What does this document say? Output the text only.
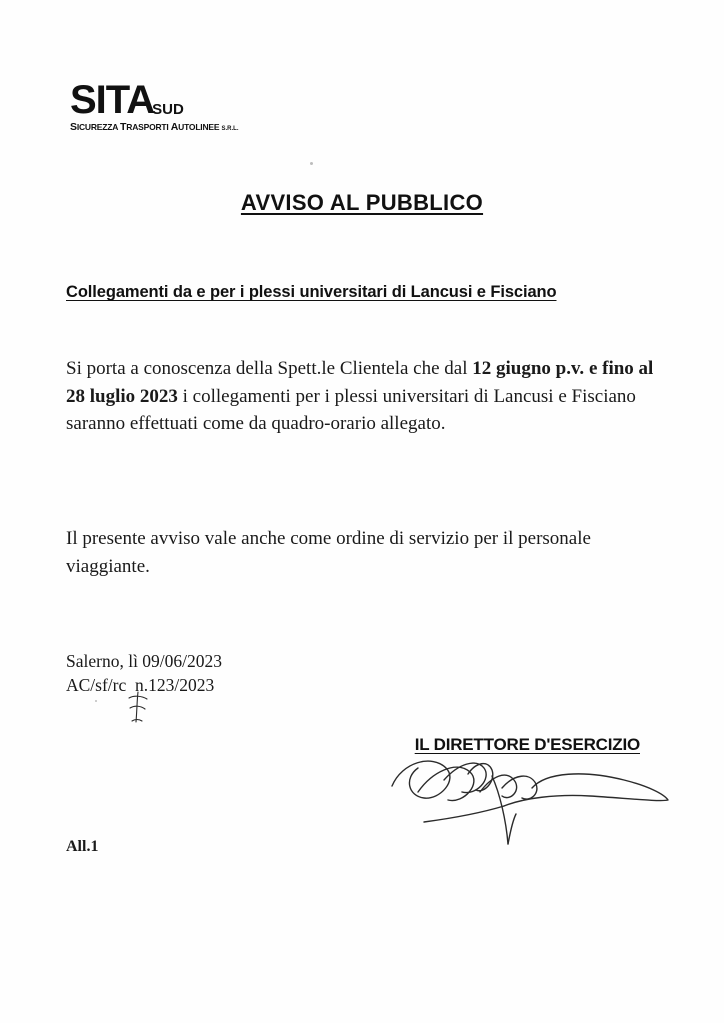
SITASUD
SICUREZZA TRASPORTI AUTOLINEE S.R.L.
AVVISO AL PUBBLICO
Collegamenti da e per i plessi universitari di Lancusi e Fisciano
Si porta a conoscenza della Spett.le Clientela che dal 12 giugno p.v. e fino al 28 luglio 2023 i collegamenti per i plessi universitari di Lancusi e Fisciano saranno effettuati come da quadro-orario allegato.
Il presente avviso vale anche come ordine di servizio per il personale viaggiante.
Salerno, lì 09/06/2023
AC/sf/rc  n.123/2023
IL DIRETTORE D'ESERCIZIO
All.1
